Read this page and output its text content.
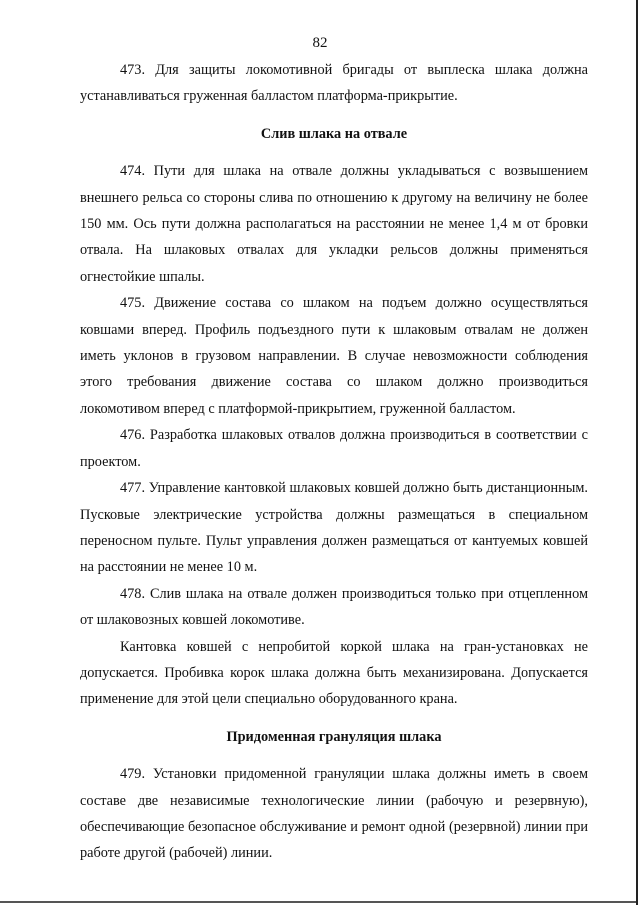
82

473. Для защиты локомотивной бригады от выплеска шлака должна устанавливаться груженная балластом платформа-прикрытие.

Слив шлака на отвале

474. Пути для шлака на отвале должны укладываться с возвышением внешнего рельса со стороны слива по отношению к другому на величину не более 150 мм. Ось пути должна располагаться на расстоянии не менее 1,4 м от бровки отвала. На шлаковых отвалах для укладки рельсов должны применяться огнестойкие шпалы.

475. Движение состава со шлаком на подъем должно осуществляться ковшами вперед. Профиль подъездного пути к шлаковым отвалам не должен иметь уклонов в грузовом направлении. В случае невозможности соблюдения этого требования движение состава со шлаком должно производиться локомотивом вперед с платформой-прикрытием, груженной балластом.

476. Разработка шлаковых отвалов должна производиться в соответствии с проектом.

477. Управление кантовкой шлаковых ковшей должно быть дистанционным. Пусковые электрические устройства должны размещаться в специальном переносном пульте. Пульт управления должен размещаться от кантуемых ковшей на расстоянии не менее 10 м.

478. Слив шлака на отвале должен производиться только при отцепленном от шлаковозных ковшей локомотиве.

Кантовка ковшей с непробитой коркой шлака на гран-установках не допускается. Пробивка корок шлака должна быть механизирована. Допускается применение для этой цели специально оборудованного крана.

Придоменная грануляция шлака

479. Установки придоменной грануляции шлака должны иметь в своем составе две независимые технологические линии (рабочую и резервную), обеспечивающие безопасное обслуживание и ремонт одной (резервной) линии при работе другой (рабочей) линии.
